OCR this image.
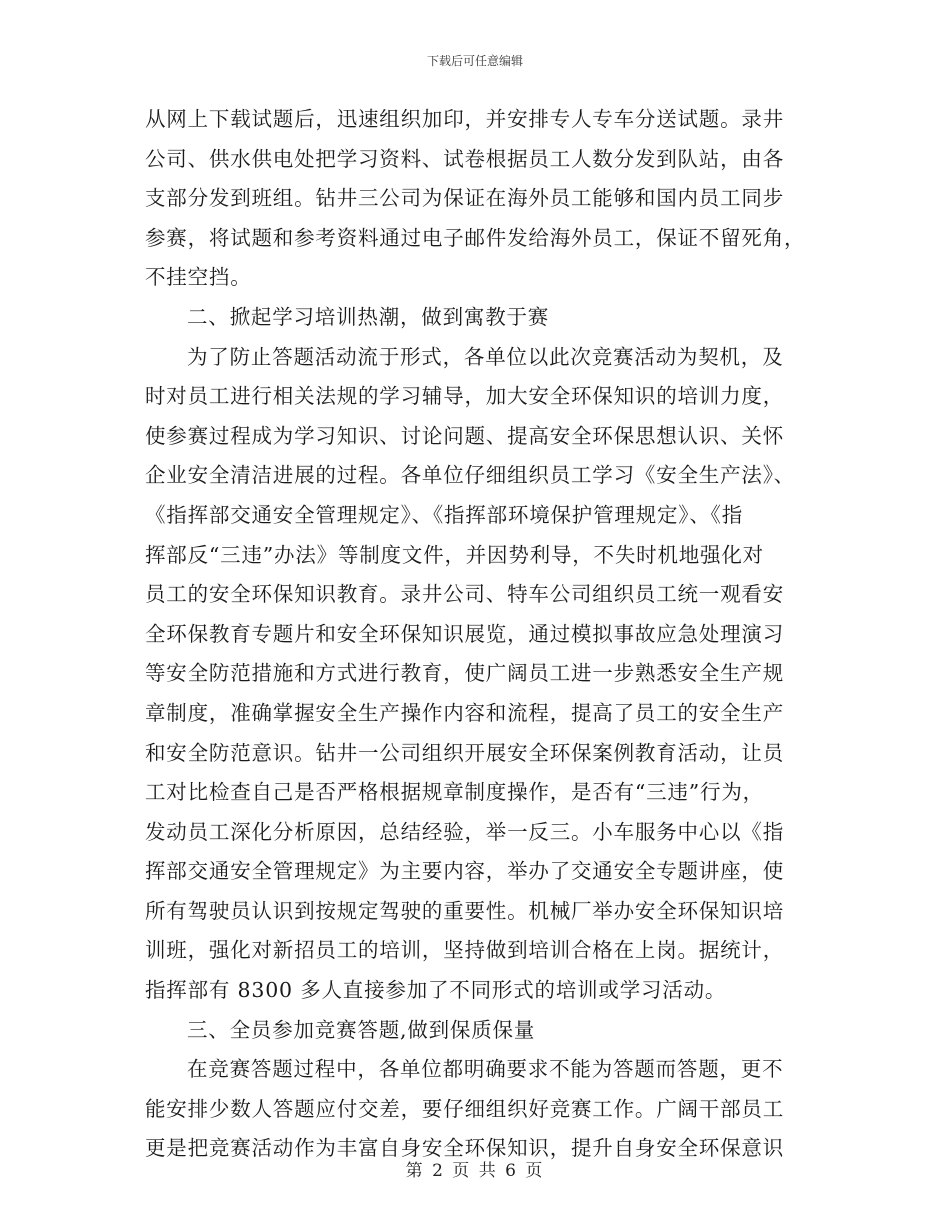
下载后可任意编辑
从网上下载试题后，迅速组织加印，并安排专人专车分送试题。录井
公司、供水供电处把学习资料、试卷根据员工人数分发到队站，由各
支部分发到班组。钻井三公司为保证在海外员工能够和国内员工同步
参赛，将试题和参考资料通过电子邮件发给海外员工，保证不留死角，
不挂空挡。
二、掀起学习培训热潮，做到寓教于赛
为了防止答题活动流于形式，各单位以此次竞赛活动为契机，及
时对员工进行相关法规的学习辅导，加大安全环保知识的培训力度，
使参赛过程成为学习知识、讨论问题、提高安全环保思想认识、关怀
企业安全清洁进展的过程。各单位仔细组织员工学习《安全生产法》、
《指挥部交通安全管理规定》、《指挥部环境保护管理规定》、《指
挥部反“三违”办法》等制度文件，并因势利导，不失时机地强化对
员工的安全环保知识教育。录井公司、特车公司组织员工统一观看安
全环保教育专题片和安全环保知识展览，通过模拟事故应急处理演习
等安全防范措施和方式进行教育，使广阔员工进一步熟悉安全生产规
章制度，准确掌握安全生产操作内容和流程，提高了员工的安全生产
和安全防范意识。钻井一公司组织开展安全环保案例教育活动，让员
工对比检查自己是否严格根据规章制度操作，是否有“三违”行为，
发动员工深化分析原因，总结经验，举一反三。小车服务中心以《指
挥部交通安全管理规定》为主要内容，举办了交通安全专题讲座，使
所有驾驶员认识到按规定驾驶的重要性。机械厂举办安全环保知识培
训班，强化对新招员工的培训，坚持做到培训合格在上岗。据统计，
指挥部有 8300 多人直接参加了不同形式的培训或学习活动。
三、全员参加竞赛答题,做到保质保量
在竞赛答题过程中，各单位都明确要求不能为答题而答题，更不
能安排少数人答题应付交差，要仔细组织好竞赛工作。广阔干部员工
更是把竞赛活动作为丰富自身安全环保知识，提升自身安全环保意识
第 2 页 共 6 页
